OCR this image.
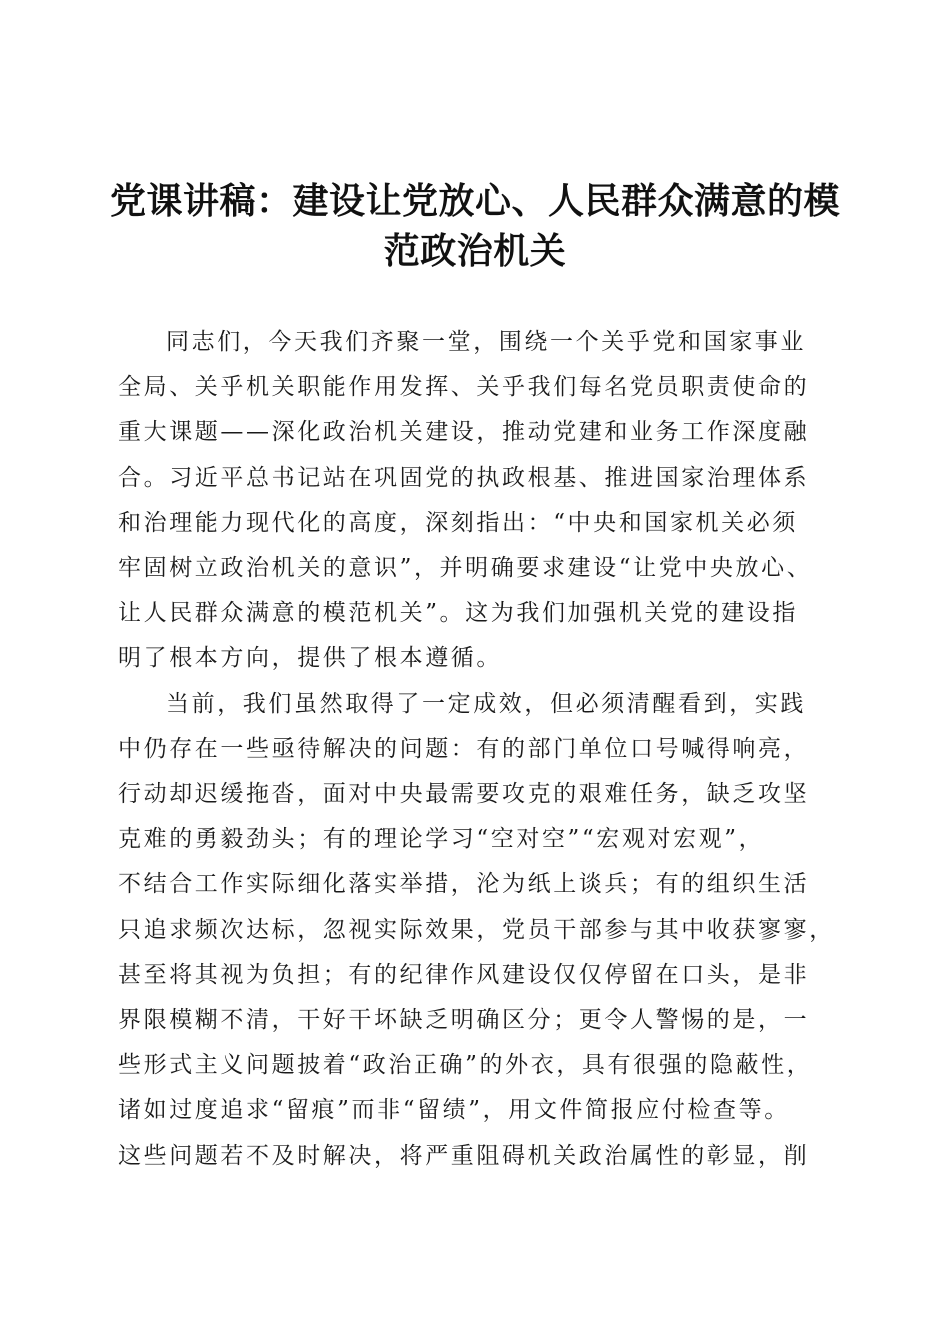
党课讲稿：建设让党放心、人民群众满意的模
范政治机关
同志们，今天我们齐聚一堂，围绕一个关乎党和国家事业
全局、关乎机关职能作用发挥、关乎我们每名党员职责使命的
重大课题——深化政治机关建设，推动党建和业务工作深度融
合。习近平总书记站在巩固党的执政根基、推进国家治理体系
和治理能力现代化的高度，深刻指出：“中央和国家机关必须
牢固树立政治机关的意识”，并明确要求建设“让党中央放心、
让人民群众满意的模范机关”。这为我们加强机关党的建设指
明了根本方向，提供了根本遵循。
当前，我们虽然取得了一定成效，但必须清醒看到，实践
中仍存在一些亟待解决的问题：有的部门单位口号喊得响亮，
行动却迟缓拖沓，面对中央最需要攻克的艰难任务，缺乏攻坚
克难的勇毅劲头；有的理论学习“空对空”“宏观对宏观”，
不结合工作实际细化落实举措，沦为纸上谈兵；有的组织生活
只追求频次达标，忽视实际效果，党员干部参与其中收获寥寥，
甚至将其视为负担；有的纪律作风建设仅仅停留在口头，是非
界限模糊不清，干好干坏缺乏明确区分；更令人警惕的是，一
些形式主义问题披着“政治正确”的外衣，具有很强的隐蔽性，
诸如过度追求“留痕”而非“留绩”，用文件简报应付检查等。
这些问题若不及时解决，将严重阻碍机关政治属性的彰显，削
